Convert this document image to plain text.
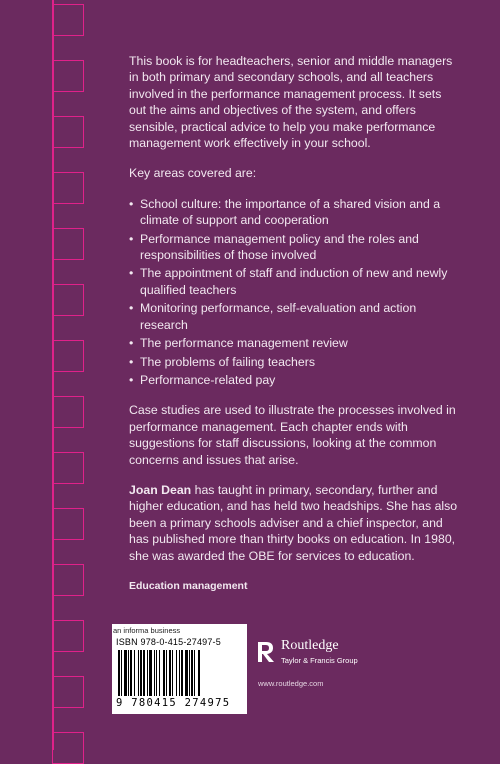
This book is for headteachers, senior and middle managers in both primary and secondary schools, and all teachers involved in the performance management process. It sets out the aims and objectives of the system, and offers sensible, practical advice to help you make performance management work effectively in your school.

Key areas covered are:

• School culture: the importance of a shared vision and a climate of support and cooperation
• Performance management policy and the roles and responsibilities of those involved
• The appointment of staff and induction of new and newly qualified teachers
• Monitoring performance, self-evaluation and action research
• The performance management review
• The problems of failing teachers
• Performance-related pay

Case studies are used to illustrate the processes involved in performance management. Each chapter ends with suggestions for staff discussions, looking at the common concerns and issues that arise.

Joan Dean has taught in primary, secondary, further and higher education, and has held two headships. She has also been a primary schools adviser and a chief inspector, and has published more than thirty books on education. In 1980, she was awarded the OBE for services to education.

Education management
an informa business
ISBN 978-0-415-27497-5
9 780415 274975
Routledge
Taylor & Francis Group
www.routledge.com
